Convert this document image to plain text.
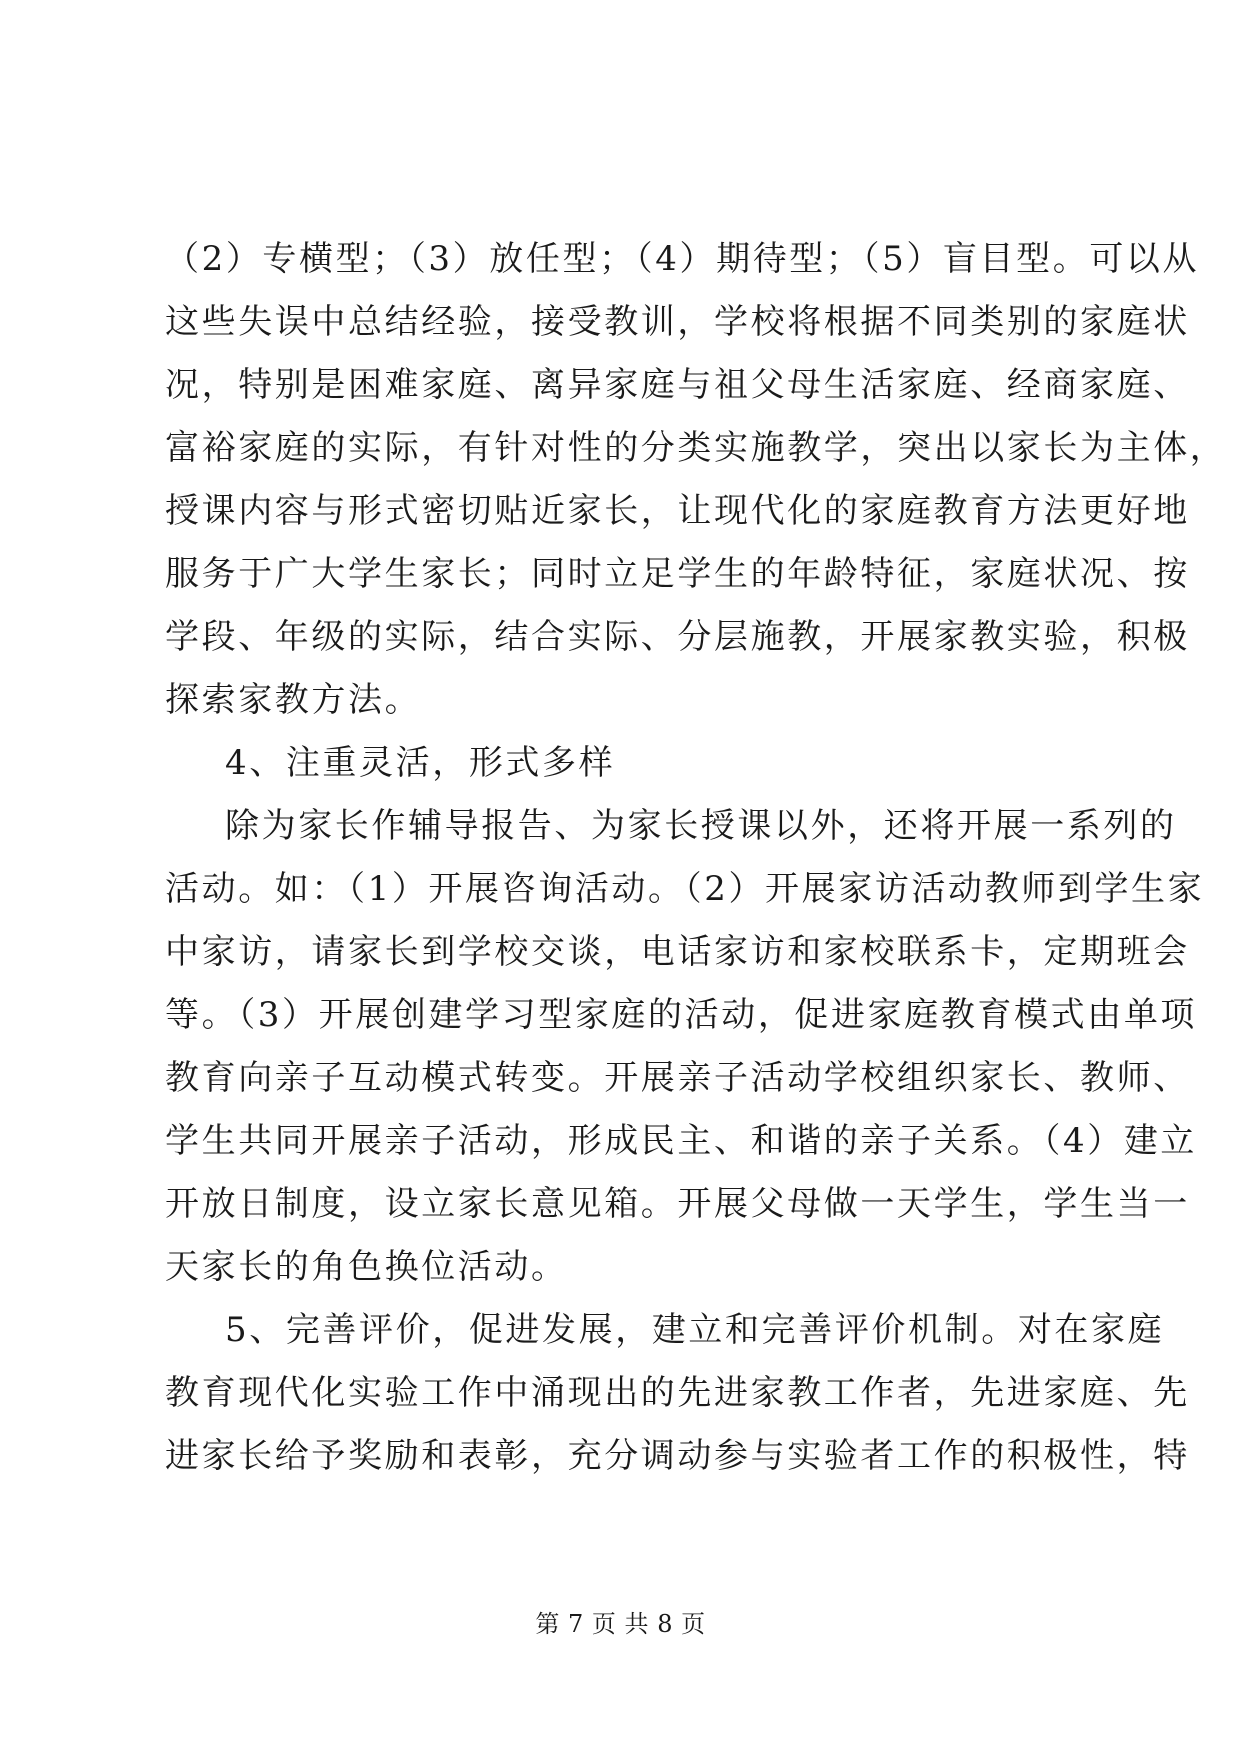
（2）专横型；（3）放任型；（4）期待型；（5）盲目型。可以从
这些失误中总结经验，接受教训，学校将根据不同类别的家庭状
况，特别是困难家庭、离异家庭与祖父母生活家庭、经商家庭、
富裕家庭的实际，有针对性的分类实施教学，突出以家长为主体，
授课内容与形式密切贴近家长，让现代化的家庭教育方法更好地
服务于广大学生家长；同时立足学生的年龄特征，家庭状况、按
学段、年级的实际，结合实际、分层施教，开展家教实验，积极
探索家教方法。
4、注重灵活，形式多样
除为家长作辅导报告、为家长授课以外，还将开展一系列的
活动。如：（1）开展咨询活动。（2）开展家访活动教师到学生家
中家访，请家长到学校交谈，电话家访和家校联系卡，定期班会
等。（3）开展创建学习型家庭的活动，促进家庭教育模式由单项
教育向亲子互动模式转变。开展亲子活动学校组织家长、教师、
学生共同开展亲子活动，形成民主、和谐的亲子关系。（4）建立
开放日制度，设立家长意见箱。开展父母做一天学生，学生当一
天家长的角色换位活动。
5、完善评价，促进发展，建立和完善评价机制。对在家庭
教育现代化实验工作中涌现出的先进家教工作者，先进家庭、先
进家长给予奖励和表彰，充分调动参与实验者工作的积极性，特
第 7 页 共 8 页
